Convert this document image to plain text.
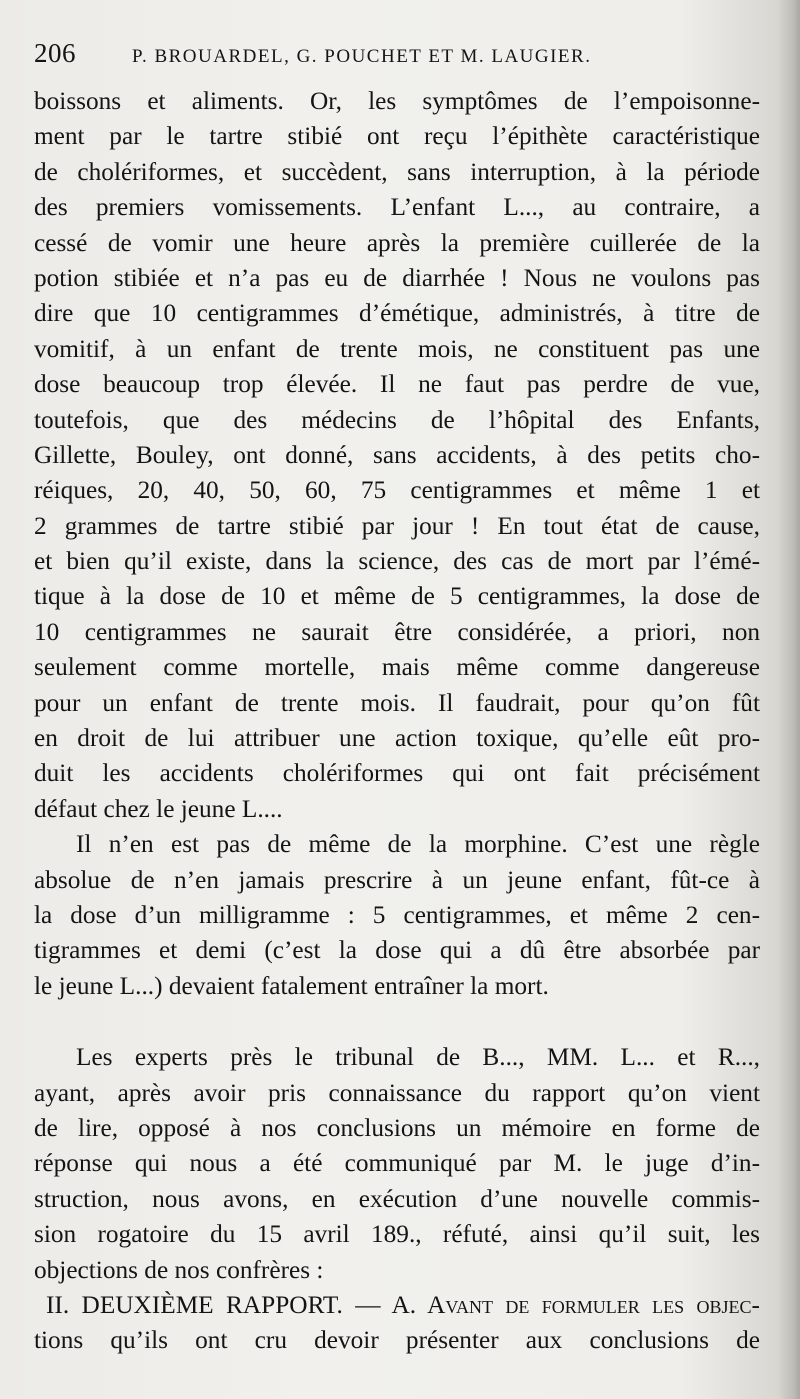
206	P. BROUARDEL, G. POUCHET ET M. LAUGIER.
boissons et aliments. Or, les symptômes de l’empoisonne-
ment par le tartre stibié ont reçu l’épithète caractéristique
de cholériformes, et succèdent, sans interruption, à la période
des premiers vomissements. L’enfant L..., au contraire, a
cessé de vomir une heure après la première cuillerée de la
potion stibiée et n’a pas eu de diarrhée ! Nous ne voulons pas
dire que 10 centigrammes d’émétique, administrés, à titre de
vomitif, à un enfant de trente mois, ne constituent pas une
dose beaucoup trop élevée. Il ne faut pas perdre de vue,
toutefois, que des médecins de l’hôpital des Enfants,
Gillette, Bouley, ont donné, sans accidents, à des petits cho-
réiques, 20, 40, 50, 60, 75 centigrammes et même 1 et
2 grammes de tartre stibié par jour ! En tout état de cause,
et bien qu’il existe, dans la science, des cas de mort par l’émé-
tique à la dose de 10 et même de 5 centigrammes, la dose de
10 centigrammes ne saurait être considérée, a priori, non
seulement comme mortelle, mais même comme dangereuse
pour un enfant de trente mois. Il faudrait, pour qu’on fût
en droit de lui attribuer une action toxique, qu’elle eût pro-
duit les accidents cholériformes qui ont fait précisément
défaut chez le jeune L....
Il n’en est pas de même de la morphine. C’est une règle
absolue de n’en jamais prescrire à un jeune enfant, fût-ce à
la dose d’un milligramme : 5 centigrammes, et même 2 cen-
tigrammes et demi (c’est la dose qui a dû être absorbée par
le jeune L...) devaient fatalement entraîner la mort.
Les experts près le tribunal de B..., MM. L... et R...,
ayant, après avoir pris connaissance du rapport qu’on vient
de lire, opposé à nos conclusions un mémoire en forme de
réponse qui nous a été communiqué par M. le juge d’in-
struction, nous avons, en exécution d’une nouvelle commis-
sion rogatoire du 15 avril 189., réfuté, ainsi qu’il suit, les
objections de nos confrères :
II. DEUXIÈME RAPPORT. — A. Avant de formuler les objec-
tions qu’ils ont cru devoir présenter aux conclusions de
